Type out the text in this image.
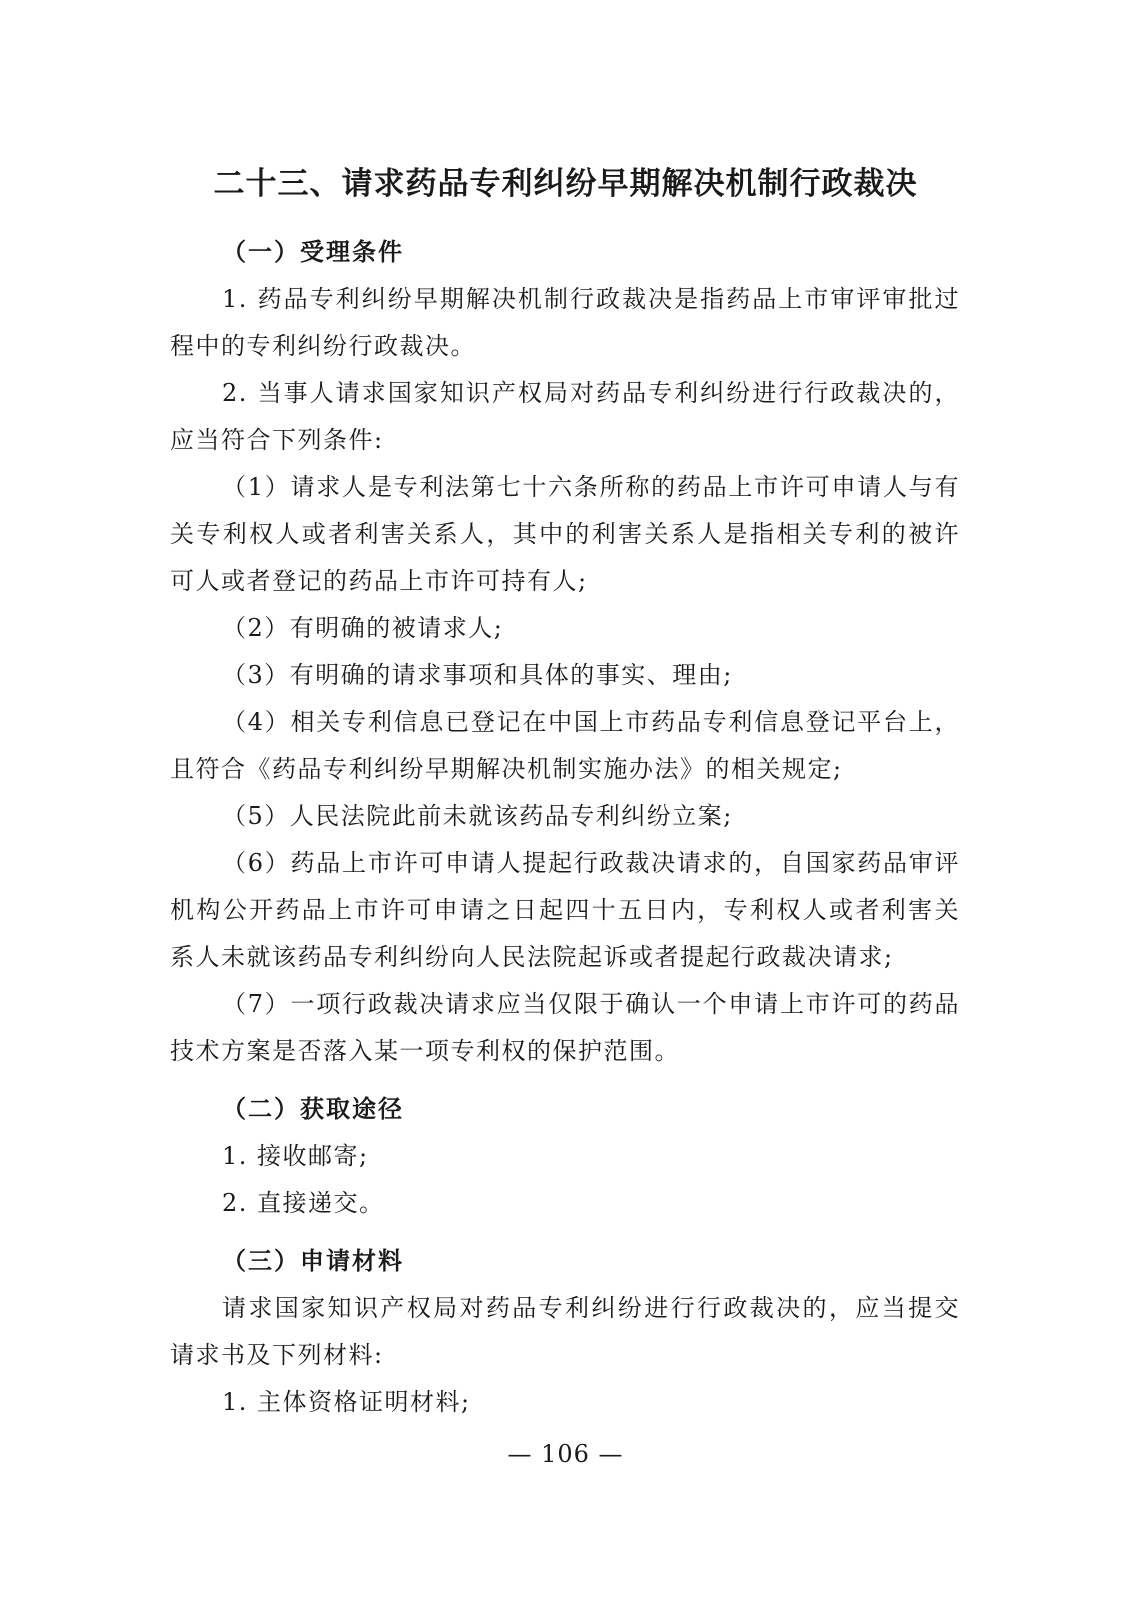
二十三、请求药品专利纠纷早期解决机制行政裁决
（一）受理条件

1. 药品专利纠纷早期解决机制行政裁决是指药品上市审评审批过程中的专利纠纷行政裁决。

2. 当事人请求国家知识产权局对药品专利纠纷进行行政裁决的，应当符合下列条件:

（1）请求人是专利法第七十六条所称的药品上市许可申请人与有关专利权人或者利害关系人，其中的利害关系人是指相关专利的被许可人或者登记的药品上市许可持有人;

（2）有明确的被请求人;

（3）有明确的请求事项和具体的事实、理由;

（4）相关专利信息已登记在中国上市药品专利信息登记平台上，且符合《药品专利纠纷早期解决机制实施办法》的相关规定;

（5）人民法院此前未就该药品专利纠纷立案;

（6）药品上市许可申请人提起行政裁决请求的，自国家药品审评机构公开药品上市许可申请之日起四十五日内，专利权人或者利害关系人未就该药品专利纠纷向人民法院起诉或者提起行政裁决请求;

（7）一项行政裁决请求应当仅限于确认一个申请上市许可的药品技术方案是否落入某一项专利权的保护范围。

（二）获取途径

1. 接收邮寄;

2. 直接递交。

（三）申请材料

请求国家知识产权局对药品专利纠纷进行行政裁决的，应当提交请求书及下列材料:

1. 主体资格证明材料;

— 106 —
